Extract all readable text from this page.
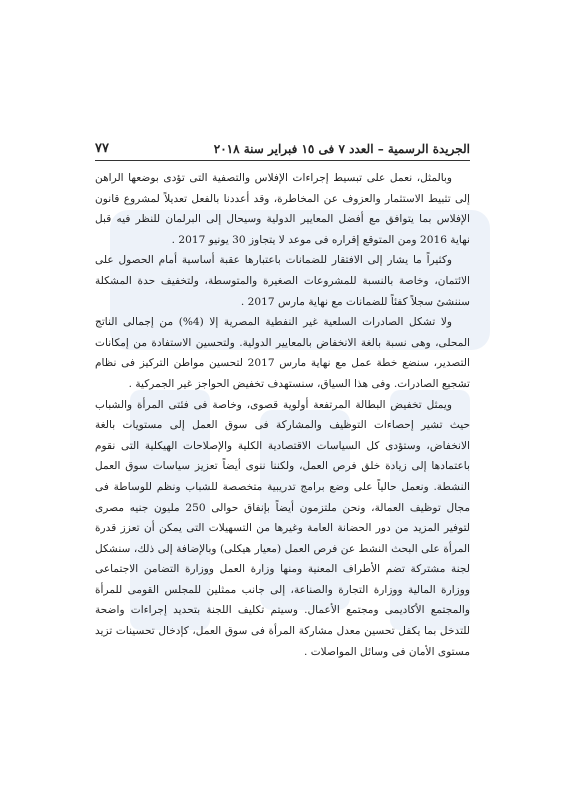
الجريدة الرسمية – العدد ٧ فى ١٥ فبراير سنة ٢٠١٨
٧٧

وبالمثل، نعمل على تبسيط إجراءات الإفلاس والتصفية التى تؤدى بوضعها الراهن إلى تثبيط الاستثمار والعزوف عن المخاطرة، وقد أعددنا بالفعل تعديلاً لمشروع قانون الإفلاس بما يتوافق مع أفضل المعايير الدولية وسيحال إلى البرلمان للنظر فيه قبل نهاية 2016 ومن المتوقع إقراره فى موعد لا يتجاوز 30 يونيو 2017 .

وكثيراً ما يشار إلى الافتقار للضمانات باعتبارها عقبة أساسية أمام الحصول على الائتمان، وخاصة بالنسبة للمشروعات الصغيرة والمتوسطة، ولتخفيف حدة المشكلة سننشئ سجلاً كفئاً للضمانات مع نهاية مارس 2017 .

ولا تشكل الصادرات السلعية غير النفطية المصرية إلا (4%) من إجمالى الناتج المحلى، وهى نسبة بالغة الانخفاض بالمعايير الدولية. ولتحسين الاستفادة من إمكانات التصدير، سنضع خطة عمل مع نهاية مارس 2017 لتحسين مواطن التركيز فى نظام تشجيع الصادرات. وفى هذا السياق، سنستهدف تخفيض الحواجز غير الجمركية .

ويمثل تخفيض البطالة المرتفعة أولوية قصوى، وخاصة فى فئتى المرأة والشباب حيث تشير إحصاءات التوظيف والمشاركة فى سوق العمل إلى مستويات بالغة الانخفاض، وستؤدى كل السياسات الاقتصادية الكلية والإصلاحات الهيكلية التى نقوم باعتمادها إلى زيادة خلق فرص العمل، ولكننا ننوى أيضاً تعزيز سياسات سوق العمل النشطة. ونعمل حالياً على وضع برامج تدريبية متخصصة للشباب ونظم للوساطة فى مجال توظيف العمالة، ونحن ملتزمون أيضاً بإنفاق حوالى 250 مليون جنيه مصرى لتوفير المزيد من دور الحضانة العامة وغيرها من التسهيلات التى يمكن أن تعزز قدرة المرأة على البحث النشط عن فرص العمل (معيار هيكلى) وبالإضافة إلى ذلك، سنشكل لجنة مشتركة تضم الأطراف المعنية ومنها وزارة العمل ووزارة التضامن الاجتماعى ووزارة المالية ووزارة التجارة والصناعة، إلى جانب ممثلين للمجلس القومى للمرأة والمجتمع الأكاديمى ومجتمع الأعمال. وسيتم تكليف اللجنة بتحديد إجراءات واضحة للتدخل بما يكفل تحسين معدل مشاركة المرأة فى سوق العمل، كإدخال تحسينات تزيد مستوى الأمان فى وسائل المواصلات .
